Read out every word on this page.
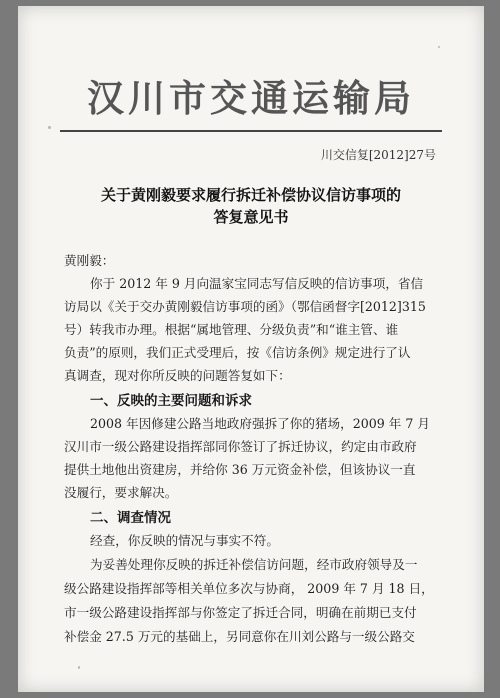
汉川市交通运输局
川交信复[2012]27号
关于黄刚毅要求履行拆迁补偿协议信访事项的
答复意见书
黄刚毅：
你于 2012 年 9 月向温家宝同志写信反映的信访事项，省信
访局以《关于交办黄刚毅信访事项的函》（鄂信函督字[2012]315
号）转我市办理。根据“属地管理、分级负责”和“谁主管、谁
负责”的原则，我们正式受理后，按《信访条例》规定进行了认
真调查，现对你所反映的问题答复如下：
一、反映的主要问题和诉求
2008 年因修建公路当地政府强拆了你的猪场，2009 年 7 月
汉川市一级公路建设指挥部同你签订了拆迁协议，约定由市政府
提供土地他出资建房，并给你 36 万元资金补偿，但该协议一直
没履行，要求解决。
二、调查情况
经查，你反映的情况与事实不符。
为妥善处理你反映的拆迁补偿信访问题，经市政府领导及一
级公路建设指挥部等相关单位多次与协商， 2009 年 7 月 18 日，
市一级公路建设指挥部与你签定了拆迁合同，明确在前期已支付
补偿金 27.5 万元的基础上，另同意你在川刘公路与一级公路交
